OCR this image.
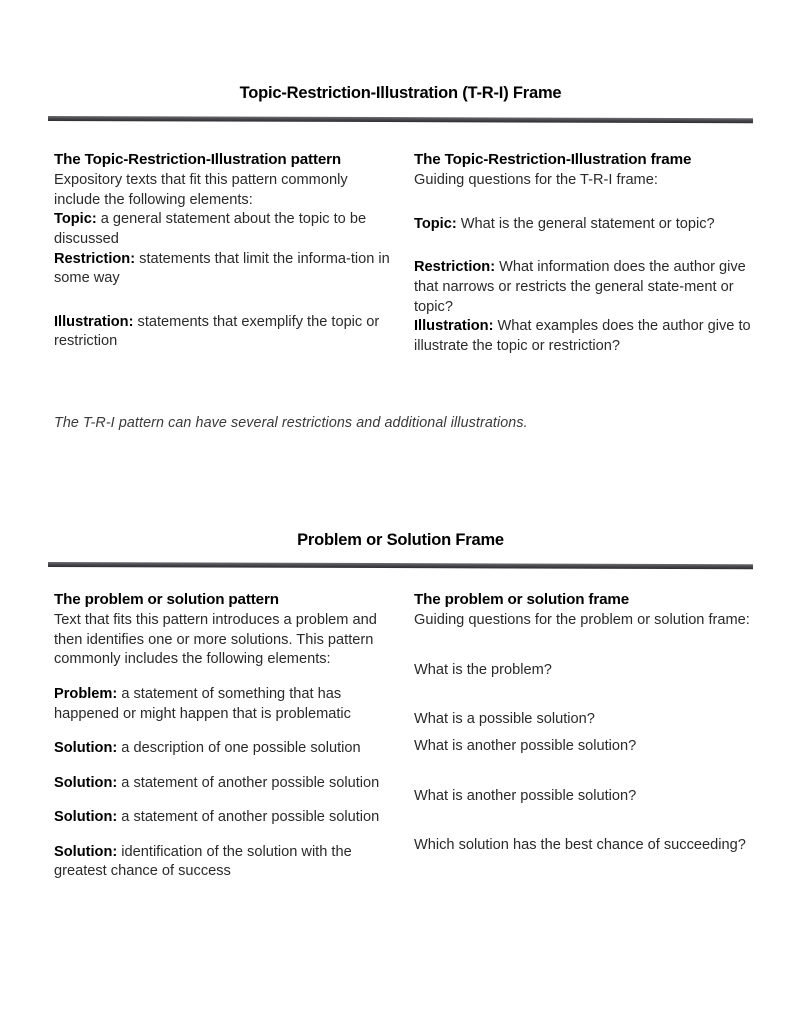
Topic-Restriction-Illustration (T-R-I) Frame
The Topic-Restriction-Illustration pattern
Expository texts that fit this pattern commonly include the following elements:
Topic: a general statement about the topic to be discussed
Restriction: statements that limit the informa-tion in some way
Illustration: statements that exemplify the topic or restriction
The Topic-Restriction-Illustration frame
Guiding questions for the T-R-I frame:
Topic: What is the general statement or topic?
Restriction: What information does the author give that narrows or restricts the general state-ment or topic?
Illustration: What examples does the author give to illustrate the topic or restriction?
The T-R-I pattern can have several restrictions and additional illustrations.
Problem or Solution Frame
The problem or solution pattern
Text that fits this pattern introduces a problem and then identifies one or more solutions. This pattern commonly includes the following elements:
Problem: a statement of something that has happened or might happen that is problematic
Solution: a description of one possible solution
Solution: a statement of another possible solution
Solution: a statement of another possible solution
Solution: identification of the solution with the greatest chance of success
The problem or solution frame
Guiding questions for the problem or solution frame:
What is the problem?
What is a possible solution?
What is another possible solution?
What is another possible solution?
Which solution has the best chance of succeeding?
